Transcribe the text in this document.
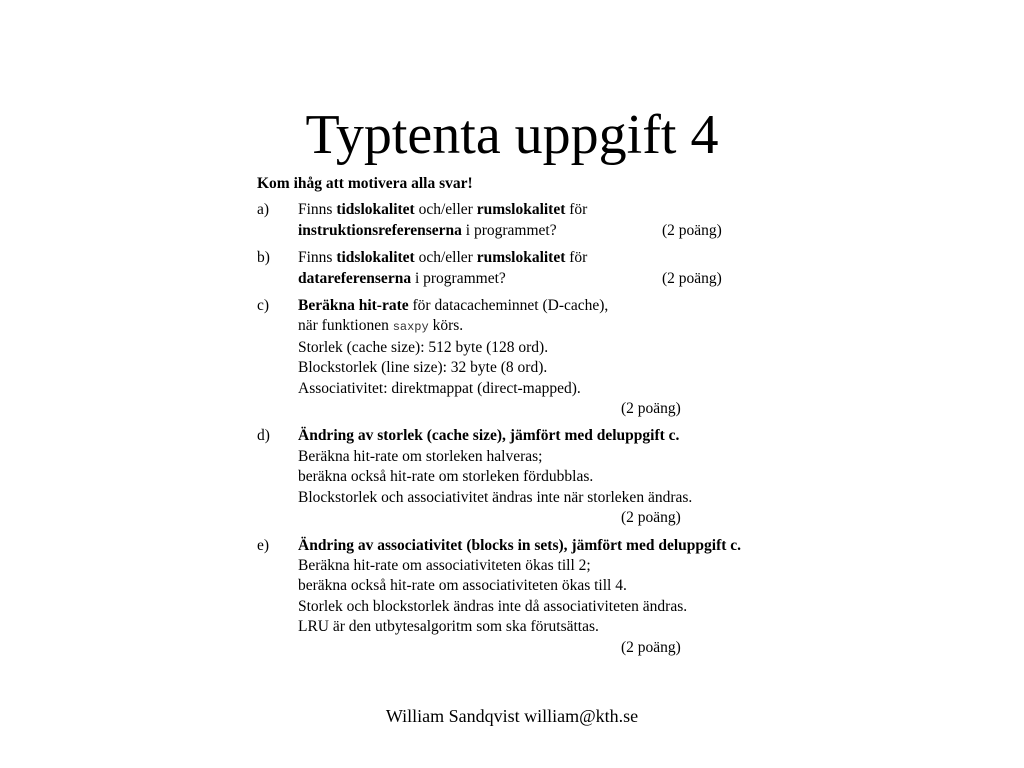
Typtenta uppgift 4
Kom ihåg att motivera alla svar!
a)	Finns tidslokalitet och/eller rumslokalitet för
instruktionsreferenserna i programmet?	(2 poäng)
b)	Finns tidslokalitet och/eller rumslokalitet för
datareferenserna i programmet?	(2 poäng)
c)	Beräkna hit-rate för datacacheminnet (D-cache),
när funktionen saxpy körs.
Storlek (cache size): 512 byte (128 ord).
Blockstorlek (line size): 32 byte (8 ord).
Associativitet: direktmappat (direct-mapped).
(2 poäng)
d)	Ändring av storlek (cache size), jämfört med deluppgift c.
Beräkna hit-rate om storleken halveras;
beräkna också hit-rate om storleken fördubblas.
Blockstorlek och associativitet ändras inte när storleken ändras.
(2 poäng)
e)	Ändring av associativitet (blocks in sets), jämfört med deluppgift c.
Beräkna hit-rate om associativiteten ökas till 2;
beräkna också hit-rate om associativiteten ökas till 4.
Storlek och blockstorlek ändras inte då associativiteten ändras.
LRU är den utbytesalgoritm som ska förutsättas.
(2 poäng)
William Sandqvist william@kth.se
